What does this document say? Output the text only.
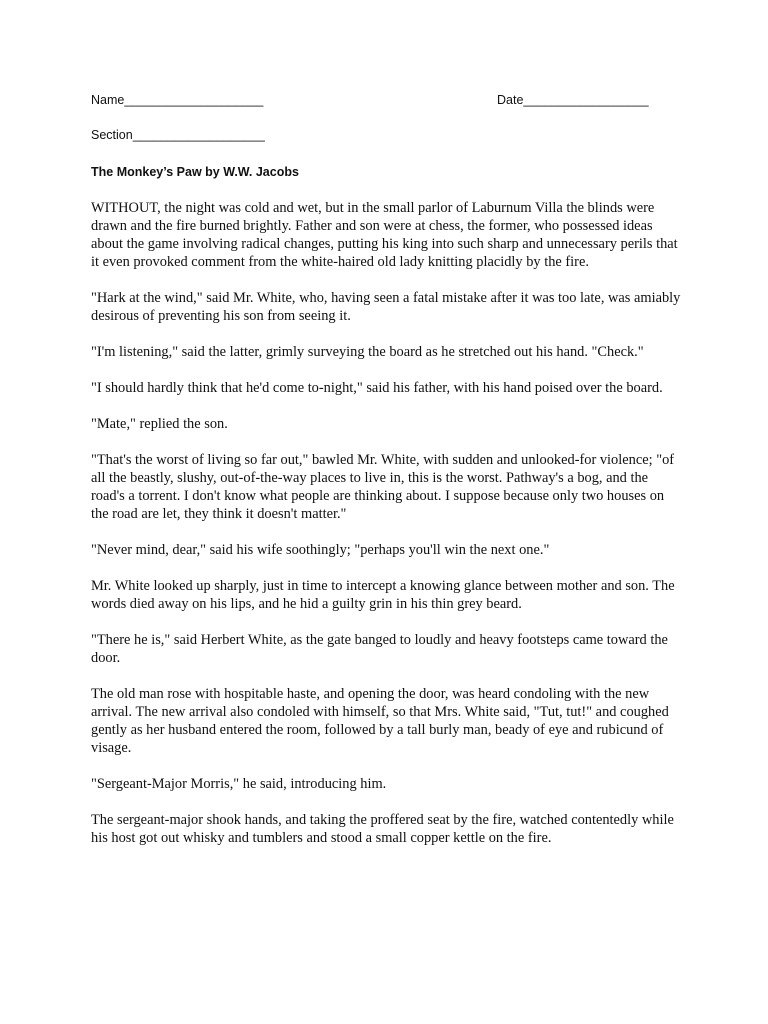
Name____________________	Date__________________
Section___________________
The Monkey’s Paw by W.W. Jacobs

WITHOUT, the night was cold and wet, but in the small parlor of Laburnum Villa the blinds were drawn and the fire burned brightly. Father and son were at chess, the former, who possessed ideas about the game involving radical changes, putting his king into such sharp and unnecessary perils that it even provoked comment from the white-haired old lady knitting placidly by the fire.

"Hark at the wind," said Mr. White, who, having seen a fatal mistake after it was too late, was amiably desirous of preventing his son from seeing it.

"I'm listening," said the latter, grimly surveying the board as he stretched out his hand. "Check."

"I should hardly think that he'd come to-night," said his father, with his hand poised over the board.

"Mate," replied the son.

"That's the worst of living so far out," bawled Mr. White, with sudden and unlooked-for violence; "of all the beastly, slushy, out-of-the-way places to live in, this is the worst. Pathway's a bog, and the road's a torrent. I don't know what people are thinking about. I suppose because only two houses on the road are let, they think it doesn't matter."

"Never mind, dear," said his wife soothingly; "perhaps you'll win the next one."

Mr. White looked up sharply, just in time to intercept a knowing glance between mother and son. The words died away on his lips, and he hid a guilty grin in his thin grey beard.

"There he is," said Herbert White, as the gate banged to loudly and heavy footsteps came toward the door.

The old man rose with hospitable haste, and opening the door, was heard condoling with the new arrival. The new arrival also condoled with himself, so that Mrs. White said, "Tut, tut!" and coughed gently as her husband entered the room, followed by a tall burly man, beady of eye and rubicund of visage.

"Sergeant-Major Morris," he said, introducing him.

The sergeant-major shook hands, and taking the proffered seat by the fire, watched contentedly while his host got out whisky and tumblers and stood a small copper kettle on the fire.
